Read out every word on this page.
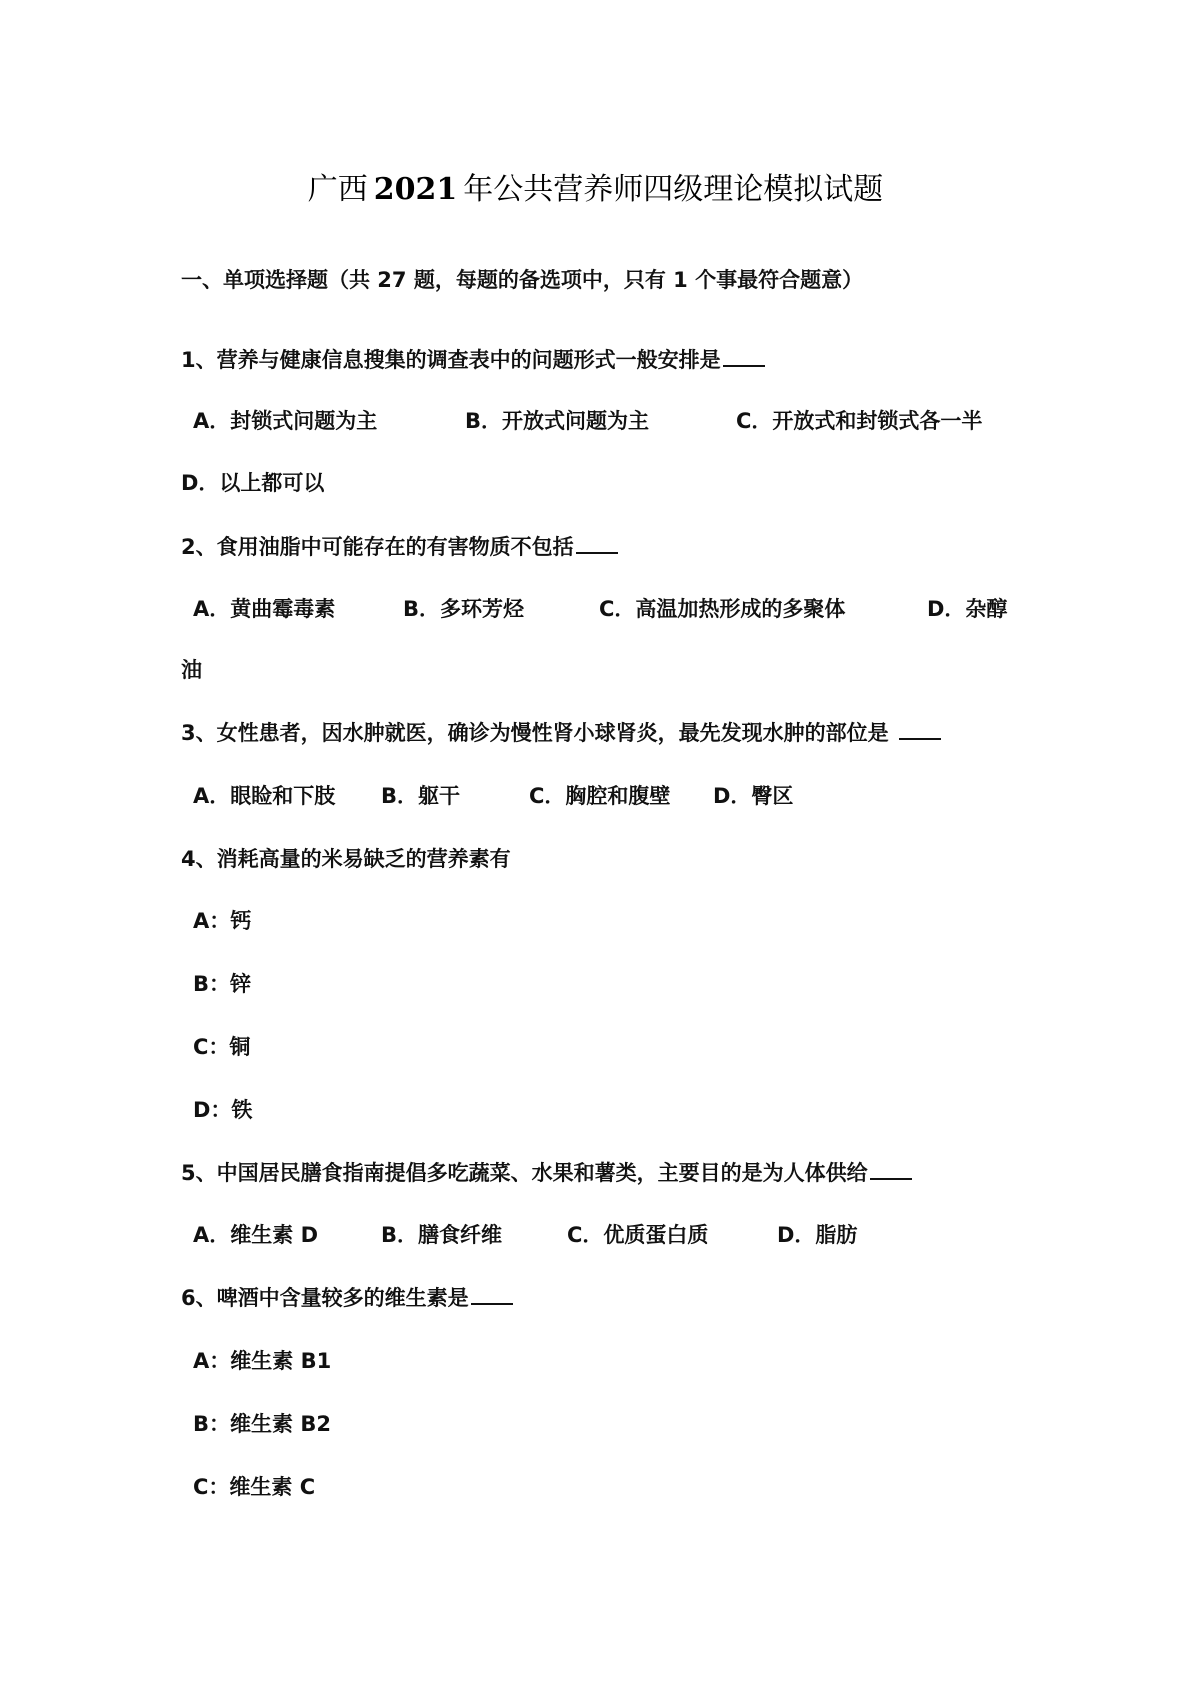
广西 2021 年公共营养师四级理论模拟试题
一、单项选择题（共 27 题，每题的备选项中，只有 1 个事最符合题意）
1、营养与健康信息搜集的调查表中的问题形式一般安排是
A．封锁式问题为主	B．开放式问题为主	C．开放式和封锁式各一半
D．以上都可以
2、食用油脂中可能存在的有害物质不包括
A．黄曲霉毒素	B．多环芳烃	C．高温加热形成的多聚体	D．杂醇
油
3、女性患者，因水肿就医，确诊为慢性肾小球肾炎，最先发现水肿的部位是
A．眼睑和下肢 B．躯干	C．胸腔和腹壁 D．臀区
4、消耗高量的米易缺乏的营养素有
A：钙
B：锌
C：铜
D：铁
5、中国居民膳食指南提倡多吃蔬菜、水果和薯类，主要目的是为人体供给
A．维生素 D	B．膳食纤维	C．优质蛋白质	D．脂肪
6、啤酒中含量较多的维生素是
A：维生素 B1
B：维生素 B2
C：维生素 C
